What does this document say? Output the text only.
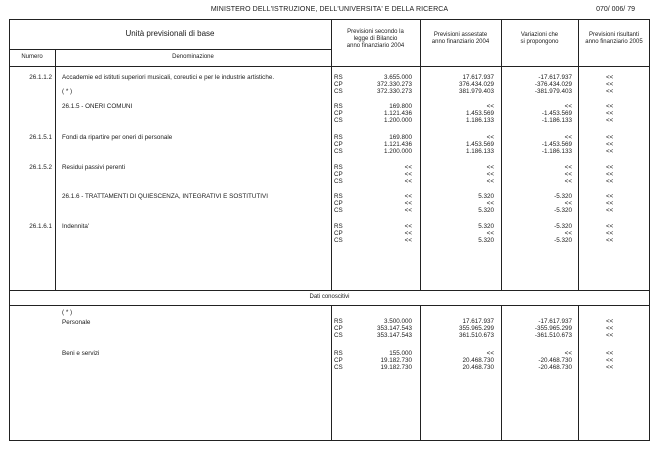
MINISTERO DELL'ISTRUZIONE, DELL'UNIVERSITA' E DELLA RICERCA	070/ 006/ 79
Unità previsionali di base
Numero	Denominazione
Previsioni secondo la
legge di Bilancio
anno finanziario 2004
Previsioni assestate
anno finanziario 2004
Variazioni che
si propongono
Previsioni risultanti
anno finanziario 2005
Dati conoscitivi
26.1.1.2 Accademie ed istituti superiori musicali, coreutici e per le industrie artistiche.
( * )
RS	3.655.000	17.617.937	-17.617.937	<<
CP	372.330.273	376.434.029	-376.434.029	<<
CS	372.330.273	381.979.403	-381.979.403	<<
26.1.5 - ONERI COMUNI	RS	169.800	<<	<<	<<
CP	1.121.436	1.453.569	-1.453.569	<<
CS	1.200.000	1.186.133	-1.186.133	<<
26.1.5.1 Fondi da ripartire per oneri di personale	RS	169.800	<<	<<	<<
CP	1.121.436	1.453.569	-1.453.569	<<
CS	1.200.000	1.186.133	-1.186.133	<<
26.1.5.2 Residui passivi perenti	RS	<<	<<	<<	<<
CP	<<	<<	<<	<<
CS	<<	<<	<<	<<
26.1.6 - TRATTAMENTI DI QUIESCENZA, INTEGRATIVI E SOSTITUTIVI	RS	<<	5.320	-5.320	<<
CP	<<	<<	<<	<<
CS	<<	5.320	-5.320	<<
26.1.6.1 Indennita'	RS	<<	5.320	-5.320	<<
CP	<<	<<	<<	<<
CS	<<	5.320	-5.320	<<
( * )
Personale	RS	3.500.000	17.617.937	-17.617.937	<<
CP	353.147.543	355.965.299	-355.965.299	<<
CS	353.147.543	361.510.673	-361.510.673	<<
Beni e servizi	RS	155.000	<<	<<	<<
CP	19.182.730	20.468.730	-20.468.730	<<
CS	19.182.730	20.468.730	-20.468.730	<<
